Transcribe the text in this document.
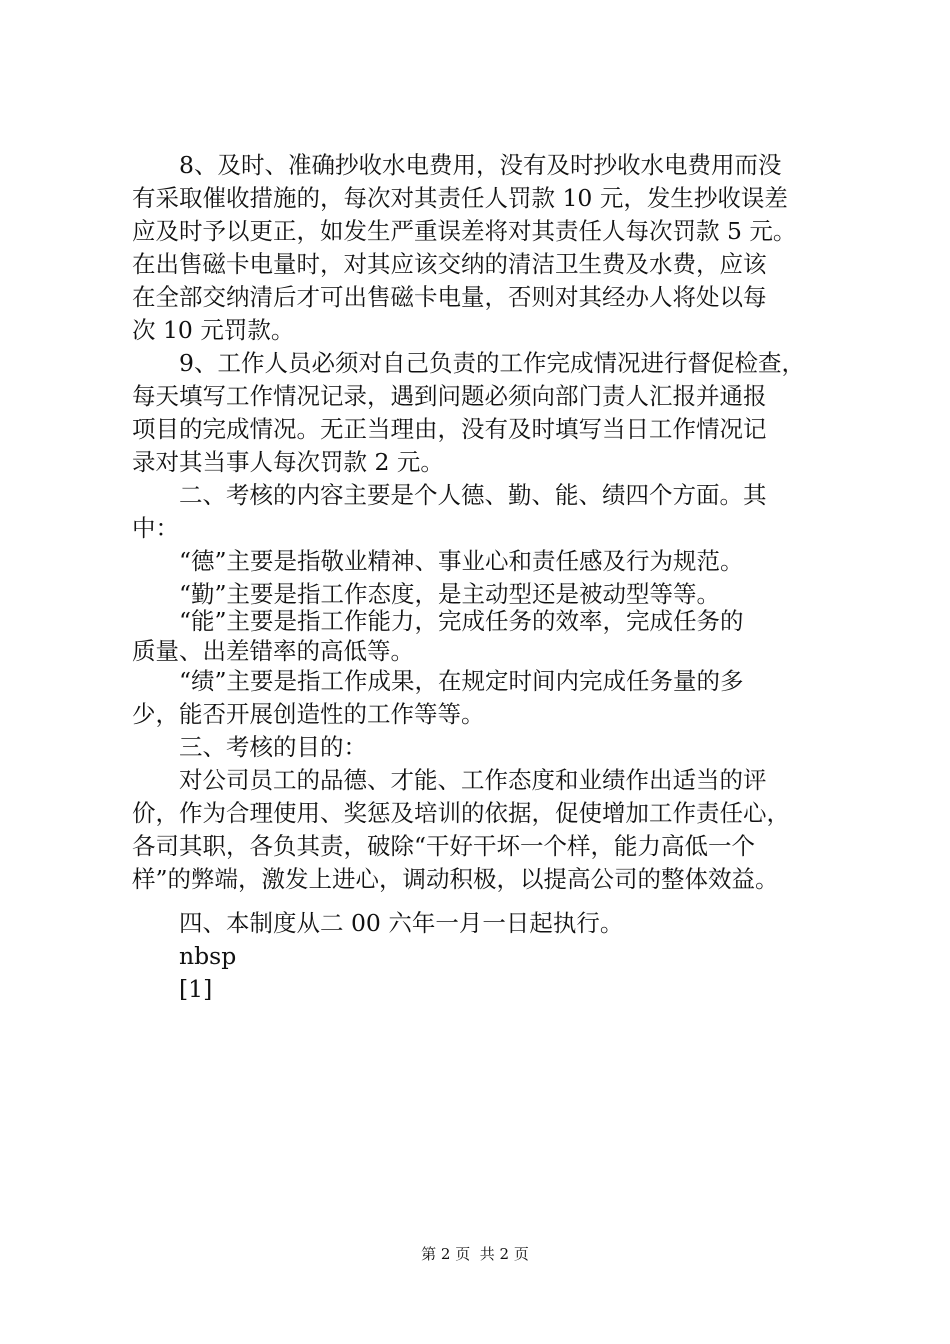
　　8、及时、准确抄收水电费用，没有及时抄收水电费用而没
有采取催收措施的，每次对其责任人罚款 10 元，发生抄收误差
应及时予以更正，如发生严重误差将对其责任人每次罚款 5 元。
在出售磁卡电量时，对其应该交纳的清洁卫生费及水费，应该
在全部交纳清后才可出售磁卡电量，否则对其经办人将处以每
次 10 元罚款。
　　9、工作人员必须对自己负责的工作完成情况进行督促检查，
每天填写工作情况记录，遇到问题必须向部门责人汇报并通报
项目的完成情况。无正当理由，没有及时填写当日工作情况记
录对其当事人每次罚款 2 元。
　　二、考核的内容主要是个人德、勤、能、绩四个方面。其
中：
　　“德”主要是指敬业精神、事业心和责任感及行为规范。
　　“勤”主要是指工作态度，是主动型还是被动型等等。
　　“能”主要是指工作能力，完成任务的效率，完成任务的
质量、出差错率的高低等。
　　“绩”主要是指工作成果，在规定时间内完成任务量的多
少，能否开展创造性的工作等等。
　　三、考核的目的：
　　对公司员工的品德、才能、工作态度和业绩作出适当的评
价，作为合理使用、奖惩及培训的依据，促使增加工作责任心，
各司其职，各负其责，破除“干好干坏一个样，能力高低一个
样”的弊端，激发上进心，调动积极，以提高公司的整体效益。
　　四、本制度从二 00 六年一月一日起执行。
　　nbsp
　　[1]
第 2 页  共 2 页
